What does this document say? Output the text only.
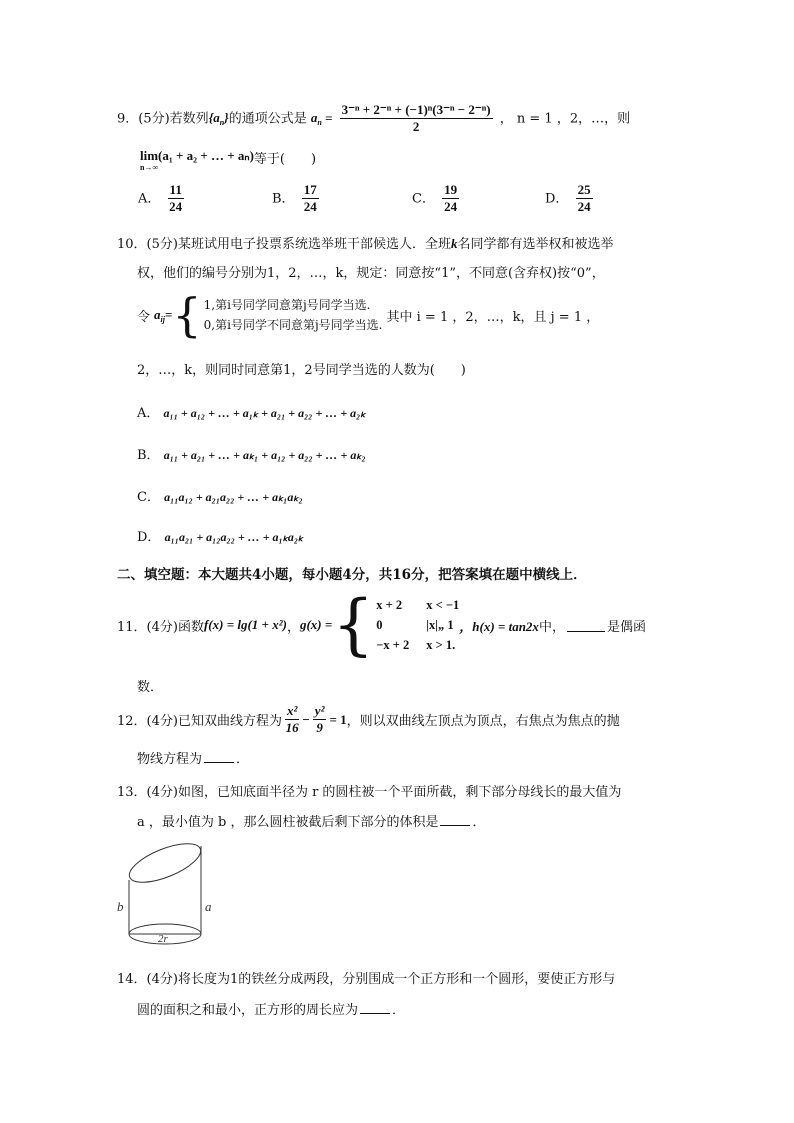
9．(5分)若数列$\{a_n\}$的通项公式是 $a_n = \frac{\text{3⁻ⁿ + 2⁻ⁿ + (−1)ⁿ(3⁻ⁿ − 2⁻ⁿ)}}{2}$ ， n = 1 ，2，…，则
lim(a₁ + a₂ + … + aₙ)
n→∞
等于(　　)
A． $\frac{11}{24}$	B． $\frac{17}{24}$	C． $\frac{19}{24}$	D． $\frac{25}{24}$
10．(5分)某班试用电子投票系统选举班干部候选人．全班k名同学都有选举权和被选举
权，他们的编号分别为1，2，…，k，规定：同意按“1”，不同意(含弃权)按“0”，
令 $a_{ij}$ = { 1,第i号同学同意第j号同学当选.
0,第i号同学不同意第j号同学当选.
其中 i = 1 ，2，…，k，且 j = 1 ，
2，…，k，则同时同意第1，2号同学当选的人数为(　　)
A． a₁₁ + a₁₂ + … + a₁ₖ + a₂₁ + a₂₂ + … + a₂ₖ
B． a₁₁ + a₂₁ + … + aₖ₁ + a₁₂ + a₂₂ + … + aₖ₂
C． a₁₁a₁₂ + a₂₁a₂₂ + … + aₖ₁aₖ₂
D． a₁₁a₂₁ + a₁₂a₂₂ + … + a₁ₖa₂ₖ
二、填空题：本大题共4小题，每小题4分，共16分，把答案填在题中横线上．
11．(4分)函数 f(x) = lg(1 + x²) ， g(x) = { x + 2 x < −1
0	|x|„ 1
−x + 2 x > 1.
，h(x) = tan2x 中，	是偶函
数．
12．(4分)已知双曲线方程为 $\frac{\text{x²}}{16} - \frac{\text{y²}}{9} = 1$ ，则以双曲线左顶点为顶点，右焦点为焦点的抛
物线方程为	．
13．(4分)如图，已知底面半径为 r 的圆柱被一个平面所截，剩下部分母线长的最大值为
a ，最小值为 b ，那么圆柱被截后剩下部分的体积是	．
b	a
2r
14．(4分)将长度为1的铁丝分成两段，分别围成一个正方形和一个圆形，要使正方形与
圆的面积之和最小，正方形的周长应为	．
